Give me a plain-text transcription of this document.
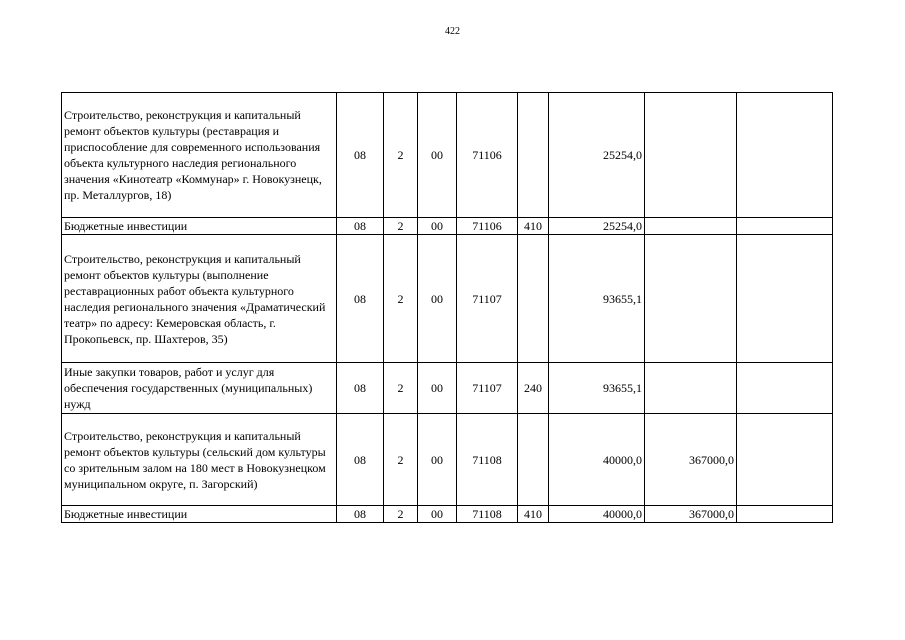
422
Строительство, реконструкция и капитальный ремонт объектов культуры (реставрация и приспособление для современного использования объекта культурного наследия регионального значения «Кинотеатр «Коммунар» г. Новокузнецк, пр. Металлургов, 18)	08	2	00	71106		25254,0		
Бюджетные инвестиции	08	2	00	71106	410	25254,0		
Строительство, реконструкция и капитальный ремонт объектов культуры (выполнение реставрационных работ объекта культурного наследия регионального значения «Драматический театр» по адресу: Кемеровская область, г. Прокопьевск, пр. Шахтеров, 35)	08	2	00	71107		93655,1		
Иные закупки товаров, работ и услуг для обеспечения государственных (муниципальных) нужд	08	2	00	71107	240	93655,1		
Строительство, реконструкция и капитальный ремонт объектов культуры (сельский дом культуры со зрительным залом на 180 мест в Новокузнецком муниципальном округе, п. Загорский)	08	2	00	71108		40000,0	367000,0	
Бюджетные инвестиции	08	2	00	71108	410	40000,0	367000,0	
